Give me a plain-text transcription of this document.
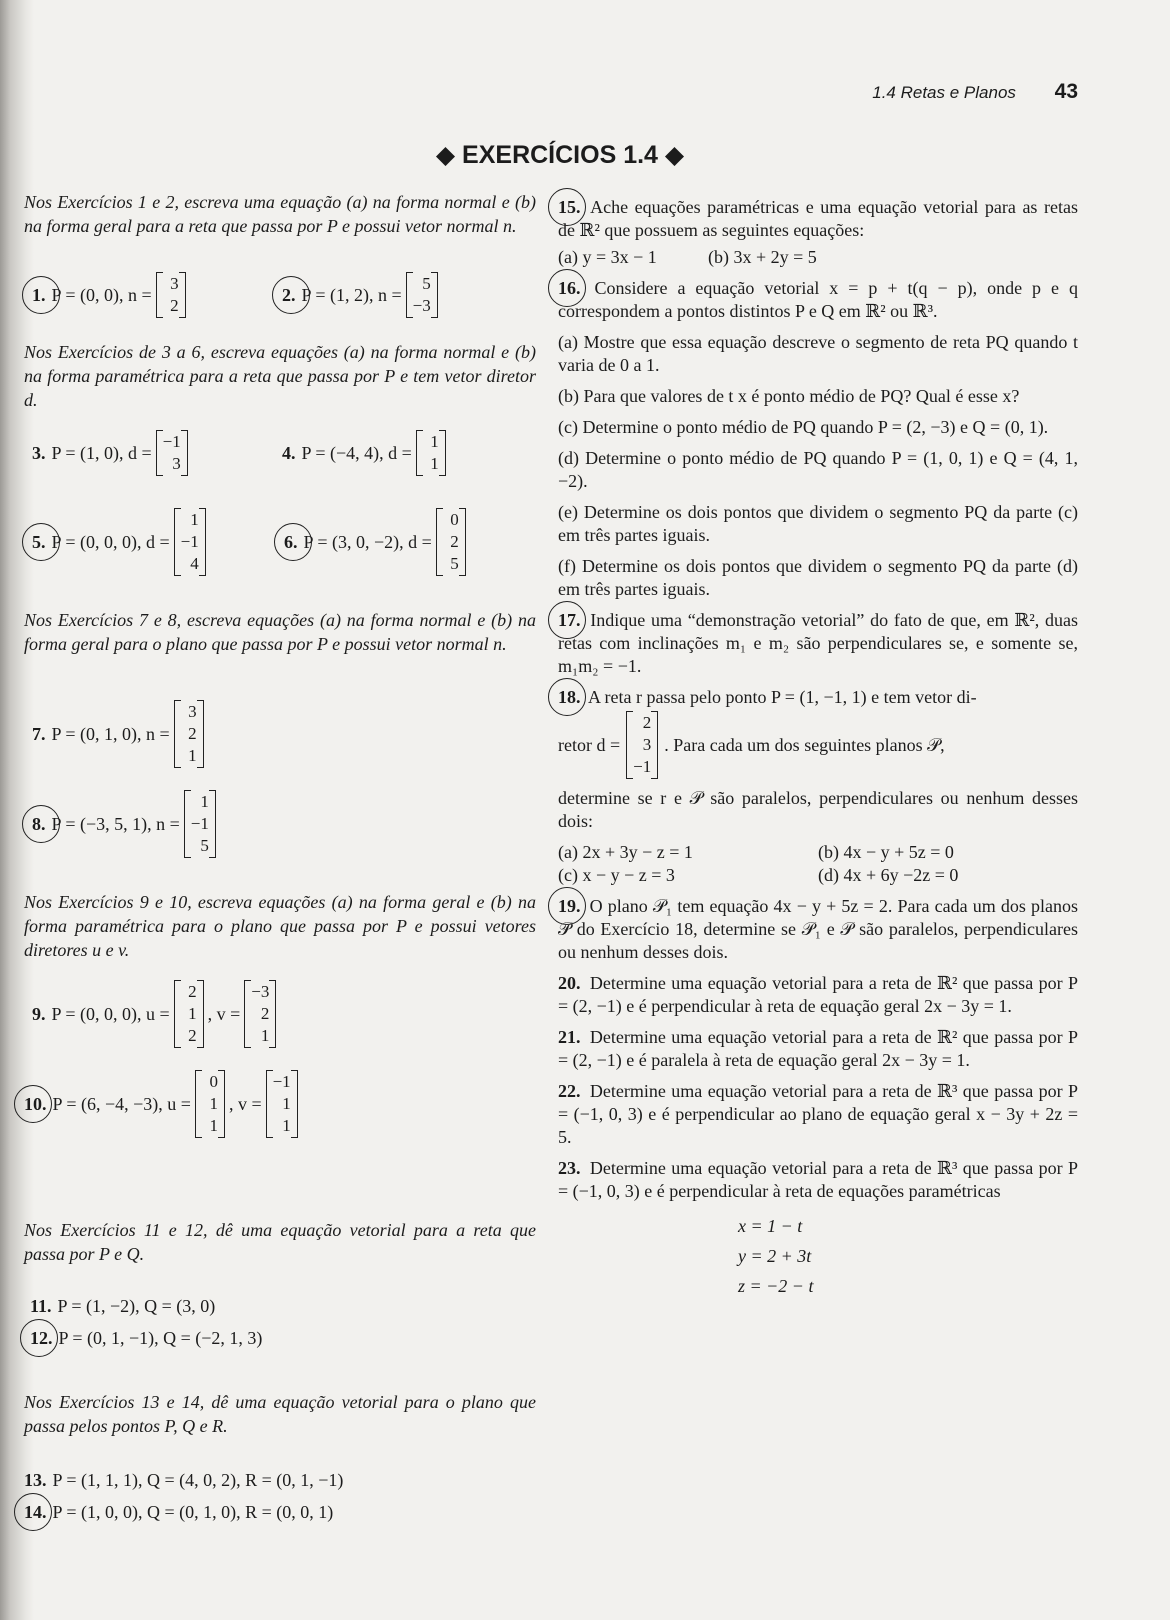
1.4 Retas e Planos 43
◆ EXERCÍCIOS 1.4 ◆

Nos Exercícios 1 e 2, escreva uma equação (a) na forma normal e (b) na forma geral para a reta que passa por P e possui vetor normal n.

1. P = (0, 0), n =
3
2
2. P = (1, 2), n =
5
−3

Nos Exercícios de 3 a 6, escreva equações (a) na forma normal e (b) na forma paramétrica para a reta que passa por P e tem vetor diretor d.

3. P = (1, 0), d =
−1
3
4. P = (−4, 4), d =
1
1
5. P = (0, 0, 0), d =
1
−1
4
6. P = (3, 0, −2), d =
0
2
5

Nos Exercícios 7 e 8, escreva equações (a) na forma normal e (b) na forma geral para o plano que passa por P e possui vetor normal n.

7. P = (0, 1, 0), n =
3
2
1
8. P = (−3, 5, 1), n =
1
−1
5

Nos Exercícios 9 e 10, escreva equações (a) na forma geral e (b) na forma paramétrica para o plano que passa por P e possui vetores diretores u e v.

9. P = (0, 0, 0), u =
2
1
2
, v =
−3
2
1
10. P = (6, −4, −3), u =
0
1
1
, v =
−1
1
1

Nos Exercícios 11 e 12, dê uma equação vetorial para a reta que passa por P e Q.

11. P = (1, −2), Q = (3, 0)
12. P = (0, 1, −1), Q = (−2, 1, 3)

Nos Exercícios 13 e 14, dê uma equação vetorial para o plano que passa pelos pontos P, Q e R.

13. P = (1, 1, 1), Q = (4, 0, 2), R = (0, 1, −1)
14. P = (1, 0, 0), Q = (0, 1, 0), R = (0, 0, 1)
15. Ache equações paramétricas e uma equação vetorial para as retas de ℝ² que possuem as seguintes equações:
(a) y = 3x − 1	(b) 3x + 2y = 5
16. Considere a equação vetorial x = p + t(q − p), onde p e q correspondem a pontos distintos P e Q em ℝ² ou ℝ³.
(a) Mostre que essa equação descreve o segmento de reta PQ quando t varia de 0 a 1.
(b) Para que valores de t x é ponto médio de PQ? Qual é esse x?
(c) Determine o ponto médio de PQ quando P = (2, −3) e Q = (0, 1).
(d) Determine o ponto médio de PQ quando P = (1, 0, 1) e Q = (4, 1, −2).
(e) Determine os dois pontos que dividem o segmento PQ da parte (c) em três partes iguais.
(f) Determine os dois pontos que dividem o segmento PQ da parte (d) em três partes iguais.
17. Indique uma “demonstração vetorial” do fato de que, em ℝ², duas retas com inclinações m₁ e m₂ são perpendiculares se, e somente se, m₁m₂ = −1.
18. A reta r passa pelo ponto P = (1, −1, 1) e tem vetor di-
retor d =
2
3
−1
. Para cada um dos seguintes planos 𝒫,
determine se r e 𝒫 são paralelos, perpendiculares ou nenhum desses dois:
(a) 2x + 3y − z = 1	(b) 4x − y + 5z = 0
(c) x − y − z = 3	(d) 4x + 6y −2z = 0
19. O plano 𝒫₁ tem equação 4x − y + 5z = 2. Para cada um dos planos 𝒫 do Exercício 18, determine se 𝒫₁ e 𝒫 são paralelos, perpendiculares ou nenhum desses dois.
20. Determine uma equação vetorial para a reta de ℝ² que passa por P = (2, −1) e é perpendicular à reta de equação geral 2x − 3y = 1.
21. Determine uma equação vetorial para a reta de ℝ² que passa por P = (2, −1) e é paralela à reta de equação geral 2x − 3y = 1.
22. Determine uma equação vetorial para a reta de ℝ³ que passa por P = (−1, 0, 3) e é perpendicular ao plano de equação geral x − 3y + 2z = 5.
23. Determine uma equação vetorial para a reta de ℝ³ que passa por P = (−1, 0, 3) e é perpendicular à reta de equações paramétricas
x = 1 − t
y = 2 + 3t
z = −2 − t
